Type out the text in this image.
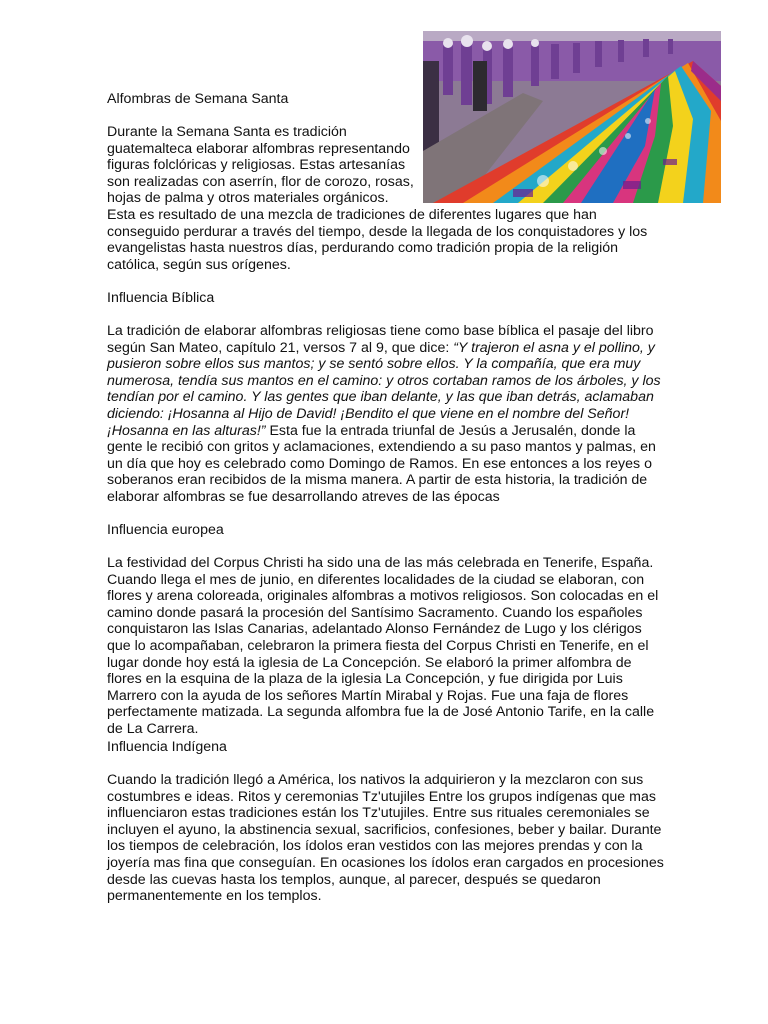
Alfombras de Semana Santa

Durante la Semana Santa es tradición guatemalteca elaborar alfombras representando figuras folclóricas y religiosas. Estas artesanías son realizadas con aserrín, flor de corozo, rosas, hojas de palma y otros materiales orgánicos.

Esta es resultado de una mezcla de tradiciones de diferentes lugares que han conseguido perdurar a través del tiempo, desde la llegada de los conquistadores y los evangelistas hasta nuestros días, perdurando como tradición propia de la religión católica, según sus orígenes.

Influencia Bíblica

La tradición de elaborar alfombras religiosas tiene como base bíblica el pasaje del libro según San Mateo, capítulo 21, versos 7 al 9, que dice: “Y trajeron el asna y el pollino, y pusieron sobre ellos sus mantos; y se sentó sobre ellos. Y la compañía, que era muy numerosa, tendía sus mantos en el camino: y otros cortaban ramos de los árboles, y los tendían por el camino. Y las gentes que iban delante, y las que iban detrás, aclamaban diciendo: ¡Hosanna al Hijo de David! ¡Bendito el que viene en el nombre del Señor! ¡Hosanna en las alturas!” Esta fue la entrada triunfal de Jesús a Jerusalén, donde la gente le recibió con gritos y aclamaciones, extendiendo a su paso mantos y palmas, en un día que hoy es celebrado como Domingo de Ramos. En ese entonces a los reyes o soberanos eran recibidos de la misma manera. A partir de esta historia, la tradición de elaborar alfombras se fue desarrollando atreves de las épocas

Influencia europea

La festividad del Corpus Christi ha sido una de las más celebrada en Tenerife, España. Cuando llega el mes de junio, en diferentes localidades de la ciudad se elaboran, con flores y arena coloreada, originales alfombras a motivos religiosos. Son colocadas en el camino donde pasará la procesión del Santísimo Sacramento. Cuando los españoles conquistaron las Islas Canarias, adelantado Alonso Fernández de Lugo y los clérigos que lo acompañaban, celebraron la primera fiesta del Corpus Christi en Tenerife, en el lugar donde hoy está la iglesia de La Concepción. Se elaboró la primer alfombra de flores en la esquina de la plaza de la iglesia La Concepción, y fue dirigida por Luis Marrero con la ayuda de los señores Martín Mirabal y Rojas. Fue una faja de flores perfectamente matizada. La segunda alfombra fue la de José Antonio Tarife, en la calle de La Carrera.

Influencia Indígena

Cuando la tradición llegó a América, los nativos la adquirieron y la mezclaron con sus costumbres e ideas. Ritos y ceremonias Tz'utujiles Entre los grupos indígenas que mas influenciaron estas tradiciones están los Tz'utujiles. Entre sus rituales ceremoniales se incluyen el ayuno, la abstinencia sexual, sacrificios, confesiones, beber y bailar. Durante los tiempos de celebración, los ídolos eran vestidos con las mejores prendas y con la joyería mas fina que conseguían. En ocasiones los ídolos eran cargados en procesiones desde las cuevas hasta los templos, aunque, al parecer, después se quedaron permanentemente en los templos.
